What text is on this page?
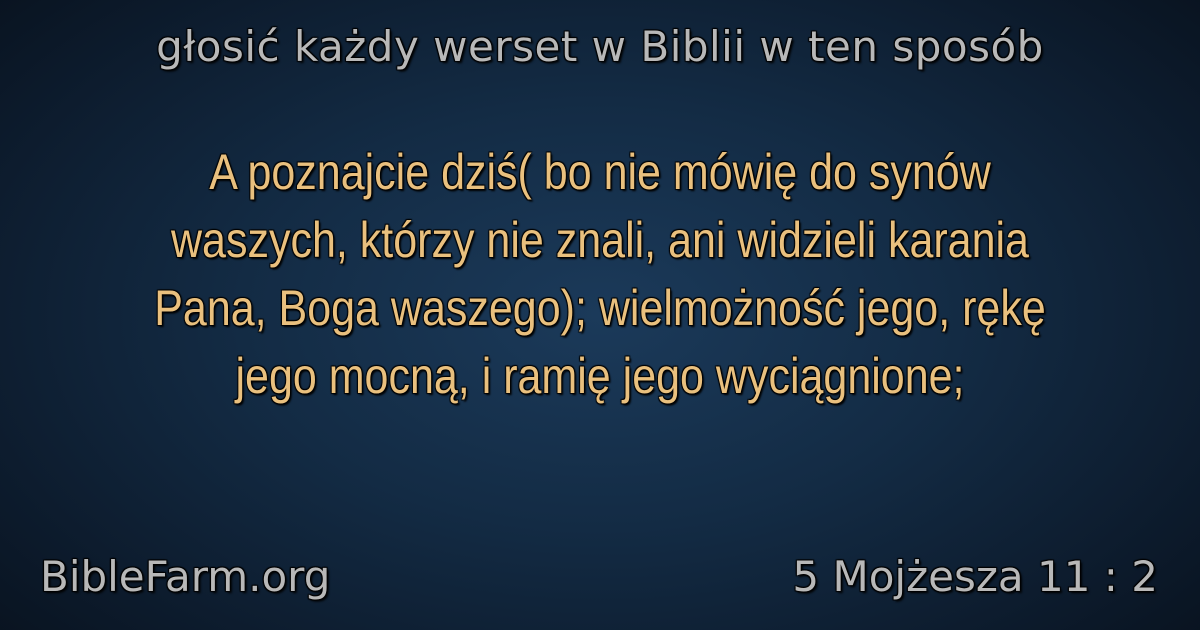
głosić każdy werset w Biblii w ten sposób
A poznajcie dziś( bo nie mówię do synów
waszych, którzy nie znali, ani widzieli karania
Pana, Boga waszego); wielmożność jego, rękę
jego mocną, i ramię jego wyciągnione;
BibleFarm.org	5 Mojżesza 11 : 2
